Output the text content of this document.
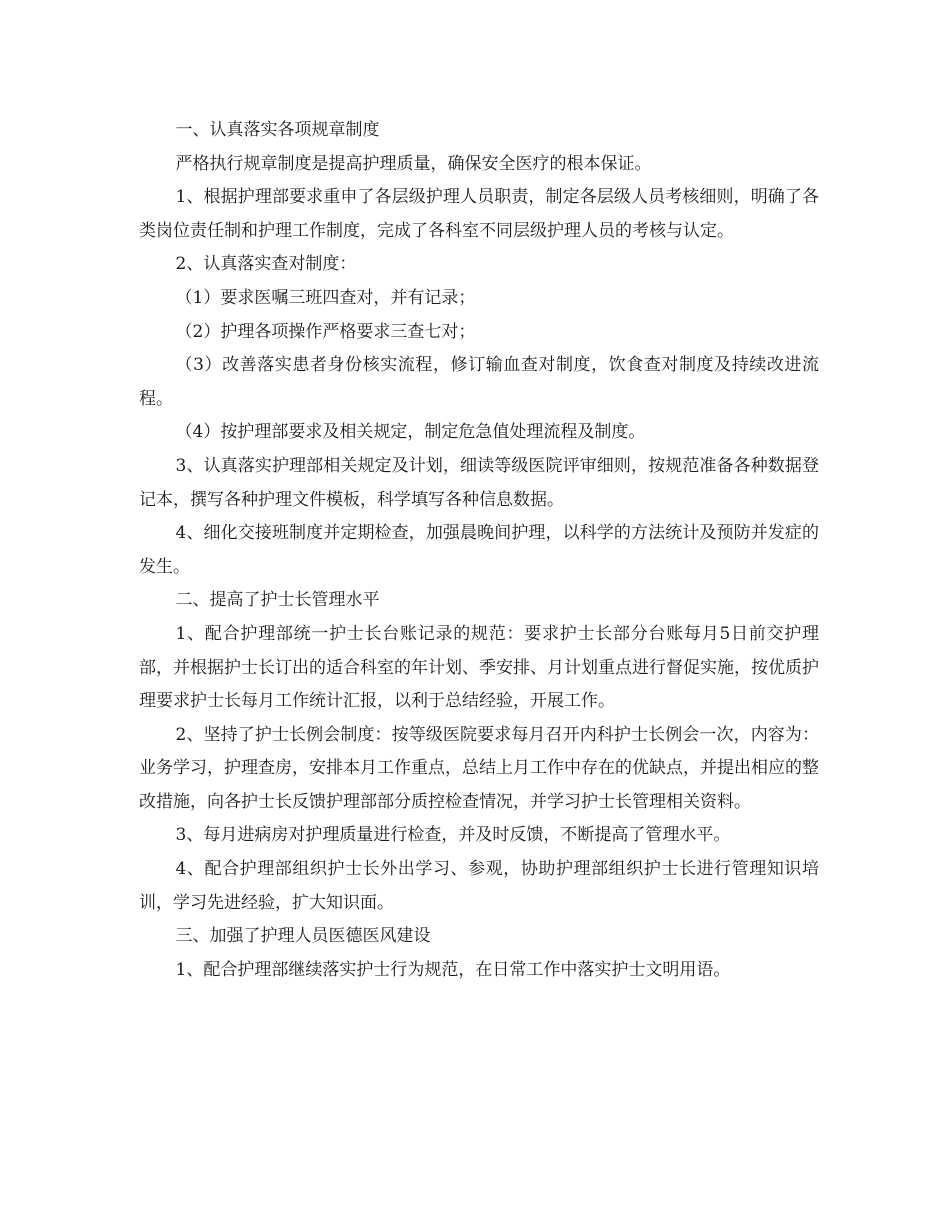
一、认真落实各项规章制度

严格执行规章制度是提高护理质量，确保安全医疗的根本保证。

1、根据护理部要求重申了各层级护理人员职责，制定各层级人员考核细则，明确了各类岗位责任制和护理工作制度，完成了各科室不同层级护理人员的考核与认定。

2、认真落实查对制度：

（1）要求医嘱三班四查对，并有记录；

（2）护理各项操作严格要求三查七对；

（3）改善落实患者身份核实流程，修订输血查对制度，饮食查对制度及持续改进流程。

（4）按护理部要求及相关规定，制定危急值处理流程及制度。

3、认真落实护理部相关规定及计划，细读等级医院评审细则，按规范准备各种数据登记本，撰写各种护理文件模板，科学填写各种信息数据。

4、细化交接班制度并定期检查，加强晨晚间护理，以科学的方法统计及预防并发症的发生。

二、提高了护士长管理水平

1、配合护理部统一护士长台账记录的规范：要求护士长部分台账每月5日前交护理部，并根据护士长订出的适合科室的年计划、季安排、月计划重点进行督促实施，按优质护理要求护士长每月工作统计汇报，以利于总结经验，开展工作。

2、坚持了护士长例会制度：按等级医院要求每月召开内科护士长例会一次，内容为：业务学习，护理查房，安排本月工作重点，总结上月工作中存在的优缺点，并提出相应的整改措施，向各护士长反馈护理部部分质控检查情况，并学习护士长管理相关资料。

3、每月进病房对护理质量进行检查，并及时反馈，不断提高了管理水平。

4、配合护理部组织护士长外出学习、参观，协助护理部组织护士长进行管理知识培训，学习先进经验，扩大知识面。

三、加强了护理人员医德医风建设

1、配合护理部继续落实护士行为规范，在日常工作中落实护士文明用语。
